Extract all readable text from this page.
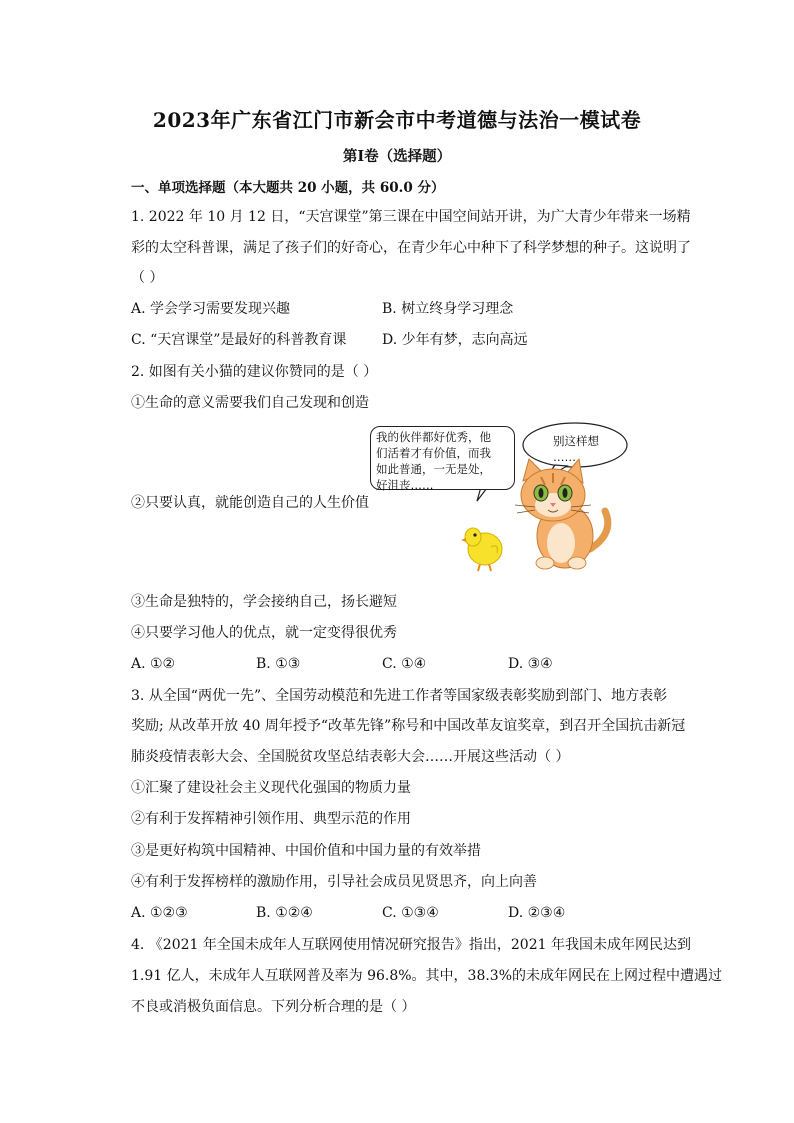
2023年广东省江门市新会市中考道德与法治一模试卷
第Ⅰ卷（选择题）
一、单项选择题（本大题共 20 小题，共 60.0 分）
1. 2022 年 10 月 12 日，“天宫课堂”第三课在中国空间站开讲，为广大青少年带来一场精
彩的太空科普课，满足了孩子们的好奇心，在青少年心中种下了科学梦想的种子。这说明了
（ ）
A. 学会学习需要发现兴趣	B. 树立终身学习理念
C. “天宫课堂”是最好的科普教育课	D. 少年有梦，志向高远
2. 如图有关小猫的建议你赞同的是（ ）
①生命的意义需要我们自己发现和创造
②只要认真，就能创造自己的人生价值
我的伙伴都好优秀，他
们活着才有价值，而我
如此普通，一无是处，
好沮丧……
别这样想
……
③生命是独特的，学会接纳自己，扬长避短
④只要学习他人的优点，就一定变得很优秀
A. ①②	B. ①③	C. ①④	D. ③④
3. 从全国“两优一先”、全国劳动模范和先进工作者等国家级表彰奖励到部门、地方表彰
奖励; 从改革开放 40 周年授予“改革先锋”称号和中国改革友谊奖章，到召开全国抗击新冠
肺炎疫情表彰大会、全国脱贫攻坚总结表彰大会……开展这些活动（ ）
①汇聚了建设社会主义现代化强国的物质力量
②有利于发挥精神引领作用、典型示范的作用
③是更好构筑中国精神、中国价值和中国力量的有效举措
④有利于发挥榜样的激励作用，引导社会成员见贤思齐，向上向善
A. ①②③	B. ①②④	C. ①③④	D. ②③④
4. 《2021 年全国未成年人互联网使用情况研究报告》指出，2021 年我国未成年网民达到
1.91 亿人，未成年人互联网普及率为 96.8%。其中，38.3%的未成年网民在上网过程中遭遇过
不良或消极负面信息。下列分析合理的是（ ）
